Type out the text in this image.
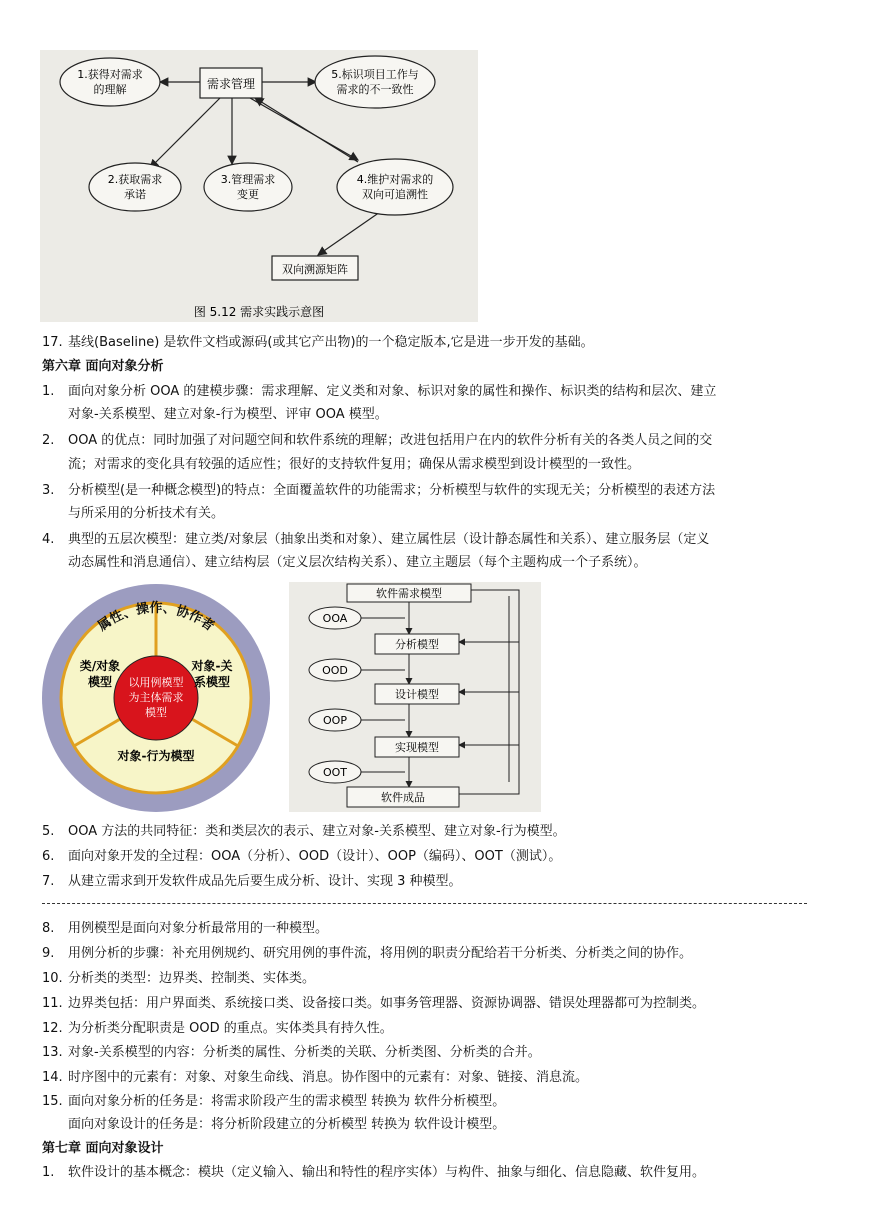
需求管理
1.获得对需求
的理解
5.标识项目工作与
需求的不一致性
2.获取需求
承诺
3.管理需求
变更
4.维护对需求的
双向可追溯性
双向溯源矩阵
图 5.12 需求实践示意图
17. 基线(Baseline) 是软件文档或源码(或其它产出物)的一个稳定版本,它是进一步开发的基础。
第六章 面向对象分析
1. 面向对象分析 OOA 的建模步骤：需求理解、定义类和对象、标识对象的属性和操作、标识类的结构和层次、建立
对象-关系模型、建立对象-行为模型、评审 OOA 模型。
2. OOA 的优点：同时加强了对问题空间和软件系统的理解；改进包括用户在内的软件分析有关的各类人员之间的交
流；对需求的变化具有较强的适应性；很好的支持软件复用；确保从需求模型到设计模型的一致性。
3. 分析模型(是一种概念模型)的特点：全面覆盖软件的功能需求；分析模型与软件的实现无关；分析模型的表述方法
与所采用的分析技术有关。
4. 典型的五层次模型：建立类/对象层（抽象出类和对象）、建立属性层（设计静态属性和关系）、建立服务层（定义
动态属性和消息通信）、建立结构层（定义层次结构关系）、建立主题层（每个主题构成一个子系统）。
属性、操作、协作者
类/对象
模型
对象-关
系模型
对象-行为模型
以用例模型
为主体需求
模型
软件需求模型
分析模型
设计模型
实现模型
软件成品
OOA
OOD
OOP
OOT
5. OOA 方法的共同特征：类和类层次的表示、建立对象-关系模型、建立对象-行为模型。
6. 面向对象开发的全过程：OOA（分析）、OOD（设计）、OOP（编码）、OOT（测试）。
7. 从建立需求到开发软件成品先后要生成分析、设计、实现 3 种模型。
8. 用例模型是面向对象分析最常用的一种模型。
9. 用例分析的步骤：补充用例规约、研究用例的事件流，将用例的职责分配给若干分析类、分析类之间的协作。
10. 分析类的类型：边界类、控制类、实体类。
11. 边界类包括：用户界面类、系统接口类、设备接口类。如事务管理器、资源协调器、错误处理器都可为控制类。
12. 为分析类分配职责是 OOD 的重点。实体类具有持久性。
13. 对象-关系模型的内容：分析类的属性、分析类的关联、分析类图、分析类的合并。
14. 时序图中的元素有：对象、对象生命线、消息。协作图中的元素有：对象、链接、消息流。
15. 面向对象分析的任务是：将需求阶段产生的需求模型 转换为 软件分析模型。
面向对象设计的任务是：将分析阶段建立的分析模型 转换为 软件设计模型。
第七章 面向对象设计
1. 软件设计的基本概念：模块（定义输入、输出和特性的程序实体）与构件、抽象与细化、信息隐藏、软件复用。
